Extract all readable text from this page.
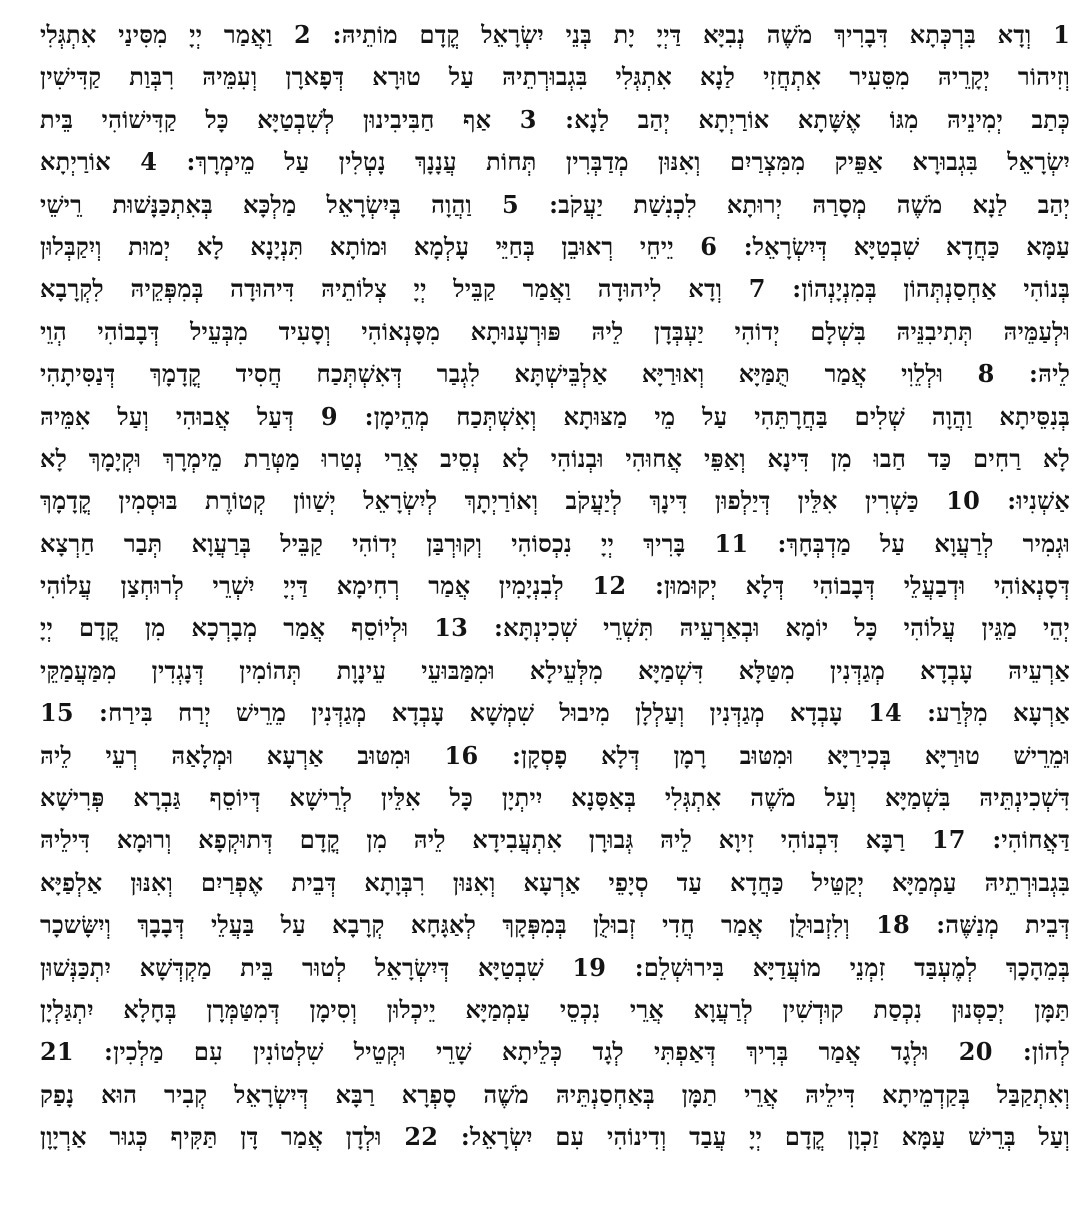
1 וְדָא בִּרְכְּתָא דִּבָרִיךְ מֹשֶׁה נְבִיָּא דַּיְיָ יָת בְּנֵי יִשְׂרָאֵל קֳדָם מוֹתֵיהּ: 2 וַאֲמַר יְיָ מִסִּינַי אִתְגְּלִי
וְזִיהוֹר יְקָרֵיהּ מִסֵּעִיר אִתְחֲזִי לַנָא אִתְגְּלִי בִּגְבוּרְתֵיהּ עַל טוּרָא דְּפָארָן וְעִמֵּיהּ רִבְּוַת קַדִּישִׁין
כְּתַב יְמִינֵיהּ מִגּוֹ אֶשָּׁתָא אוֹרַיְתָא יְהַב לַנָא: 3 אַף חַבִּיבִינוּן לְשִׁבְטַיָּא כָּל קַדִּישׁוֹהִי בֵּית
יִשְׂרָאֵל בִּגְבוּרָא אַפֵּיק מִמִּצְרַיִם וְאִנּוּן מְדַבְּרִין תְּחוֹת עֲנָנָךְ נָטְלִין עַל מֵימְרָךְ: 4 אוֹרַיְתָא
יְהַב לַנָא מֹשֶׁה מְסָרַהּ יְרוּתָא לִכְנִשַׁת יַעֲקֹב: 5 וַהֲוָה בְּיִשְׂרָאֵל מַלְכָּא בְּאִתְכַּנָּשׁוּת רֵישֵׁי
עַמָּא כַּחֲדָא שִׁבְטַיָּא דְּיִשְׂרָאֵל: 6 יֵיחֵי רְאוּבֵן בְּחַיֵּי עָלְמָא וּמוֹתָא תִּנְיָנָא לָא יְמוּת וְיִקַבְּלוּן
בְּנוֹהִי אַחְסַנְתְּהוֹן בְּמִנְיָנְהוֹן: 7 וְדָא לִיהוּדָה וַאֲמַר קַבֵּיל יְיָ צְלוֹתֵיהּ דִּיהוּדָה בְּמִפְּקֵיהּ לִקְרָבָא
וּלְעַמֵּיהּ תְּתִיבִנֵּיהּ בִּשְׁלָם יְדוֹהִי יַעְבְּדָן לֵיהּ פּוּרְעָנוּתָא מִסָּנְאוֹהִי וְסָעִיד מִבְּעֵיל דְּבָבוֹהִי הְוֵי
לֵיהּ: 8 וּלְלֵוִי אֲמַר תֻּמַּיָּא וְאוּרַיָּא אַלְבֵּישְׁתָּא לִגְבַר דְּאִשְׁתְּכַח חֲסִיד קֳדָמָךְ דְּנַסִּיתָהִי
בְּנִסֵּיתָא וַהֲוָה שְׁלִים בַּחֲרָתֵּהִי עַל מֵי מַצּוּתָא וְאִשְׁתְּכַח מְהֵימָן: 9 דְּעַל אֲבוּהִי וְעַל אִמֵּיהּ
לָא רַחִים כַּד חַבוּ מִן דִּינָא וְאַפֵּי אֲחוּהִי וּבְנוֹהִי לָא נְסֵיב אֲרֵי נְטַרוּ מַטְּרַת מֵימְרָךְ וּקְיָמָךְ לָא
אַשְׁנִיוּ: 10 כַּשְׁרִין אִלֵּין דְּיַלְפוּן דִּינָךְ לְיַעֲקֹב וְאוֹרַיְתָךְ לְיִשְׂרָאֵל יְשַׁווֹן קְטוֹרֶת בּוּסְמִין קֳדָמָךְ
וּגְמִיר לְרַעֲוָא עַל מַדְבְּחָךְ: 11 בָּרִיךְ יְיָ נִכְסוֹהִי וְקוּרְבַּן יְדוֹהִי קַבֵּיל בְּרַעֲוָא תְּבַר חַרְצָא
דְּסָנְאוֹהִי וּדְבַעֲלֵי דְּבָבוֹהִי דְּלָא יְקוּמוּן: 12 לְבִנְיָמִין אֲמַר רְחִימָא דַּיְיָ יִשְׁרֵי לְרוּחְצַן עֲלוֹהִי
יְהֵי מַגֵּין עֲלוֹהִי כָּל יוֹמָא וּבְאַרְעֵיהּ תִּשְׁרֵי שְׁכִינְתָּא: 13 וּלְיוֹסֵף אֲמַר מְבָרְכָא מִן קֳדָם יְיָ
אַרְעֵיהּ עָבְדָא מְגַדְּנִין מִטַּלָּא דִּשְׁמַיָּא מִלְּעֵילָא וּמִמַּבּוּעֵי עֵינָוָת תְּהוֹמִין דְּנָגְדִין מִמַּעֲמַקֵּי
אַרְעָא מִלְּרַע: 14 עָבְדָא מְגַדְּנִין וְעַלְלָן מִיבוּל שִׁמְשָׁא עָבְדָא מְגַדְּנִין מֵרֵישׁ יְרַח בִּירַח: 15
וּמֵרֵישׁ טוּרַיָּא בְּכִירַיָּא וּמִטּוּב רָמָן דְּלָא פָסְקָן: 16 וּמִטּוּב אַרְעָא וּמְלָאַהּ רְעֵי לֵיהּ
דִּשְׁכִינְתֵּיהּ בִּשְׁמַיָּא וְעַל מֹשֶׁה אִתְגְּלִי בְּאַסָּנָא יִיתְיָן כָּל אִלֵּין לְרֵישָׁא דְּיוֹסֵף גַּבְרָא פְּרִישָׁא
דַּאֲחוֹהִי: 17 רַבָּא דִּבְנוֹהִי זִיוָא לֵיהּ גְּבוּרָן אִתְעֲבִידָא לֵיהּ מִן קֳדָם דְּתוּקְפָא וְרוּמָא דִּילֵיהּ
בִּגְבוּרְתֵיהּ עַמְמַיָּא יְקַטֵּיל כַּחֲדָא עַד סְיָפֵי אַרְעָא וְאִנּוּן רִבְּוָתָא דְּבֵית אֶפְרַיִם וְאִנּוּן אַלְפַיָּא
דְּבֵית מְנַשֶּׁה: 18 וְלִזְבוּלֻן אֲמַר חֲדִי זְבוּלֻן בְּמִפְּקָךְ לְאַגָּחָא קְרָבָא עַל בַּעֲלֵי דְּבָבָךְ וְיִשָּׂשכָר
בְּמֵהָכָךְ לְמֶעְבַּד זִמְנֵי מוֹעֲדַיָּא בִּירוּשְׁלֵם: 19 שִׁבְטַיָּא דְּיִשְׂרָאֵל לְטוּר בֵּית מַקְדְּשָׁא יִתְכַּנְּשׁוּן
תַּמָּן יְכַסְּנוּן נִכְסַת קוּדְשִׁין לְרַעֲוָא אֲרֵי נִכְסֵי עַמְמַיָּא יֵיכְלוּן וְסִימָן דְּמִטַּמְּרָן בְּחָלָא יִתְגַּלְיָן
לְהוֹן: 20 וּלְגָד אֲמַר בְּרִיךְ דְּאַפְתִּי לְגָד כְּלֵיתָא שָׁרֵי וּקְטֵיל שִׁלְטוֹנִין עִם מַלְכִין: 21
וְאִתְקַבַּל בְּקַדְמֵיתָא דִּילֵיהּ אֲרֵי תַמָּן בְּאַחְסַנְתֵּיהּ מֹשֶׁה סָפְרָא רַבָּא דְּיִשְׂרָאֵל קְבִיר הוּא נָפַק
וְעַל בְּרֵישׁ עַמָּא זַכְוָן קֳדָם יְיָ עֲבַד וְדִינוֹהִי עִם יִשְׂרָאֵל: 22 וּלְדָן אֲמַר דָּן תַּקִּיף כְּגוּר אַרְיָוָן
